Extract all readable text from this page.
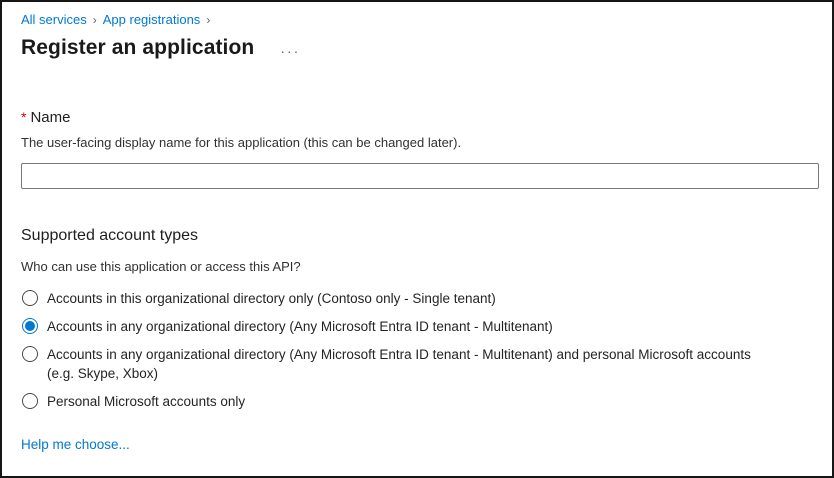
All services › App registrations ›
Register an application ···
* Name
The user-facing display name for this application (this can be changed later).
Supported account types
Who can use this application or access this API?
Accounts in this organizational directory only (Contoso only - Single tenant)
Accounts in any organizational directory (Any Microsoft Entra ID tenant - Multitenant)
Accounts in any organizational directory (Any Microsoft Entra ID tenant - Multitenant) and personal Microsoft accounts (e.g. Skype, Xbox)
Personal Microsoft accounts only
Help me choose...
